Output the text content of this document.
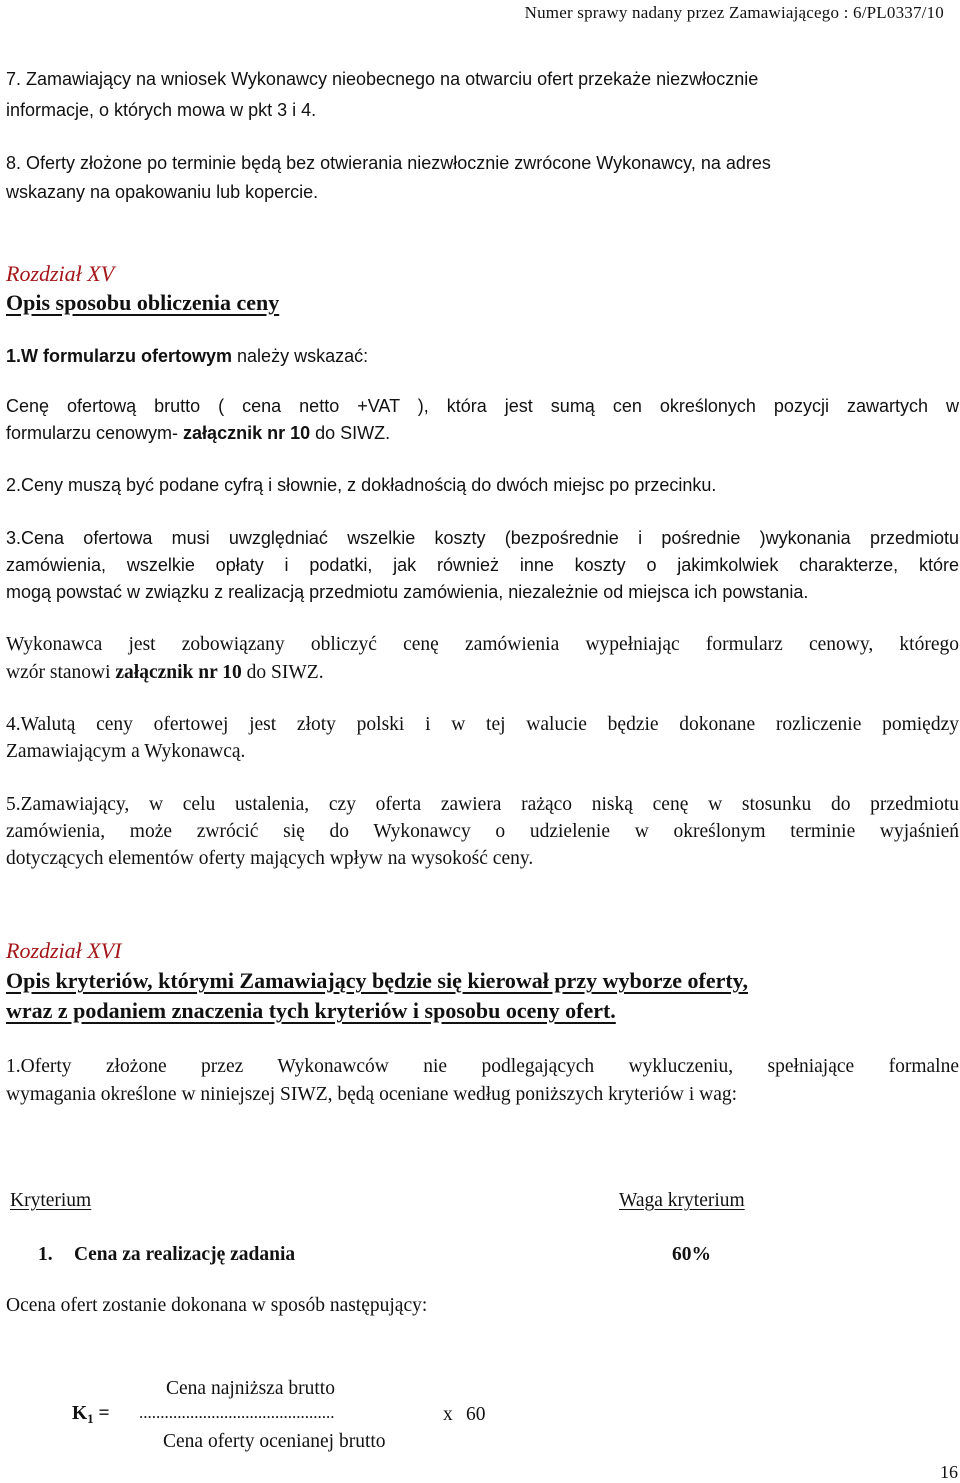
Numer sprawy nadany przez Zamawiającego : 6/PL0337/10
7. Zamawiający na wniosek Wykonawcy nieobecnego na otwarciu ofert przekaże niezwłocznie
informacje, o których mowa w pkt 3 i 4.
8. Oferty złożone po terminie będą bez otwierania niezwłocznie zwrócone Wykonawcy, na adres
wskazany na opakowaniu lub kopercie.
Rozdział XV
Opis sposobu obliczenia ceny
1.W formularzu ofertowym należy wskazać:
Cenę ofertową brutto ( cena netto +VAT ), która jest sumą cen określonych pozycji zawartych w
formularzu cenowym- załącznik nr 10 do SIWZ.
2.Ceny muszą być podane cyfrą i słownie, z dokładnością do dwóch miejsc po przecinku.
3.Cena ofertowa musi uwzględniać wszelkie koszty (bezpośrednie i pośrednie )wykonania przedmiotu
zamówienia, wszelkie opłaty i podatki, jak również inne koszty o jakimkolwiek charakterze, które
mogą powstać w związku z realizacją przedmiotu zamówienia, niezależnie od miejsca ich powstania.
Wykonawca jest zobowiązany obliczyć cenę zamówienia wypełniając formularz cenowy, którego
wzór stanowi załącznik nr 10 do SIWZ.
4.Walutą ceny ofertowej jest złoty polski i w tej walucie będzie dokonane rozliczenie pomiędzy
Zamawiającym a Wykonawcą.
5.Zamawiający, w celu ustalenia, czy oferta zawiera rażąco niską cenę w stosunku do przedmiotu
zamówienia, może zwrócić się do Wykonawcy o udzielenie w określonym terminie wyjaśnień
dotyczących elementów oferty mających wpływ na wysokość ceny.
Rozdział XVI
Opis kryteriów, którymi Zamawiający będzie się kierował przy wyborze oferty,
wraz z podaniem znaczenia tych kryteriów i sposobu oceny ofert.
1.Oferty złożone przez Wykonawców nie podlegających wykluczeniu, spełniające formalne
wymagania określone w niniejszej SIWZ, będą oceniane według poniższych kryteriów i wag:
Kryterium	Waga kryterium
1. Cena za realizację zadania	60%
Ocena ofert zostanie dokonana w sposób następujący:
Cena najniższa brutto
$K_1$ = ..............................................	x 60
Cena oferty ocenianej brutto
16
